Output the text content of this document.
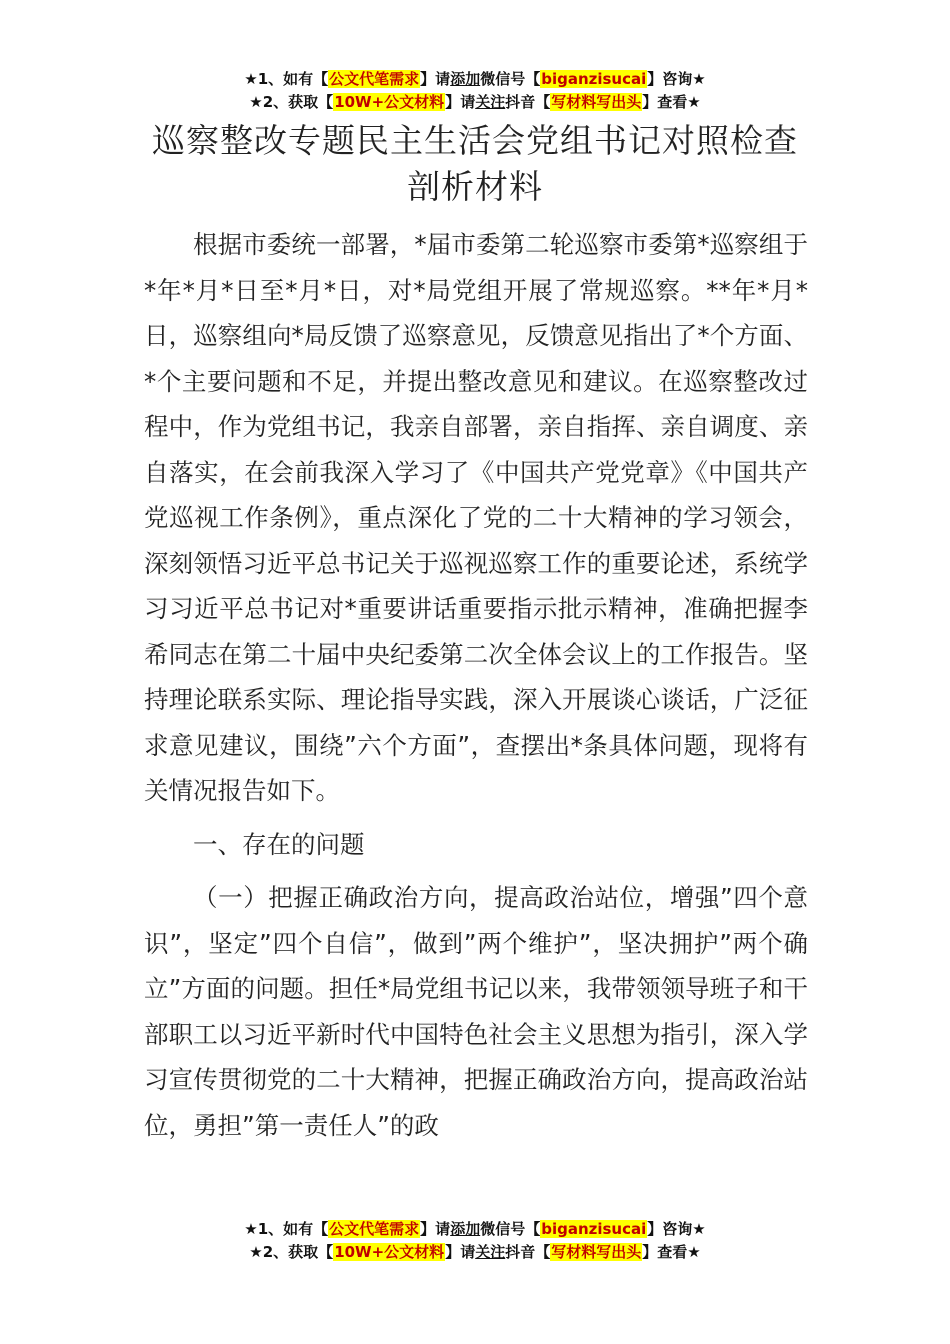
★1、如有【公文代笔需求】请添加微信号【biganzisucai】咨询★
★2、获取【10W+公文材料】请关注抖音【写材料写出头】查看★
巡察整改专题民主生活会党组书记对照检查
剖析材料

根据市委统一部署，*届市委第二轮巡察市委第*巡察组于*年*月*日至*月*日，对*局党组开展了常规巡察。**年*月*日，巡察组向*局反馈了巡察意见，反馈意见指出了*个方面、*个主要问题和不足，并提出整改意见和建议。在巡察整改过程中，作为党组书记，我亲自部署，亲自指挥、亲自调度、亲自落实，在会前我深入学习了《中国共产党党章》《中国共产党巡视工作条例》，重点深化了党的二十大精神的学习领会，深刻领悟习近平总书记关于巡视巡察工作的重要论述，系统学习习近平总书记对*重要讲话重要指示批示精神，准确把握李希同志在第二十届中央纪委第二次全体会议上的工作报告。坚持理论联系实际、理论指导实践，深入开展谈心谈话，广泛征求意见建议，围绕”六个方面”，查摆出*条具体问题，现将有关情况报告如下。

一、存在的问题

（一）把握正确政治方向，提高政治站位，增强”四个意识”，坚定”四个自信”，做到”两个维护”，坚决拥护”两个确立”方面的问题。担任*局党组书记以来，我带领领导班子和干部职工以习近平新时代中国特色社会主义思想为指引，深入学习宣传贯彻党的二十大精神，把握正确政治方向，提高政治站位，勇担”第一责任人”的政

★1、如有【公文代笔需求】请添加微信号【biganzisucai】咨询★
★2、获取【10W+公文材料】请关注抖音【写材料写出头】查看★
